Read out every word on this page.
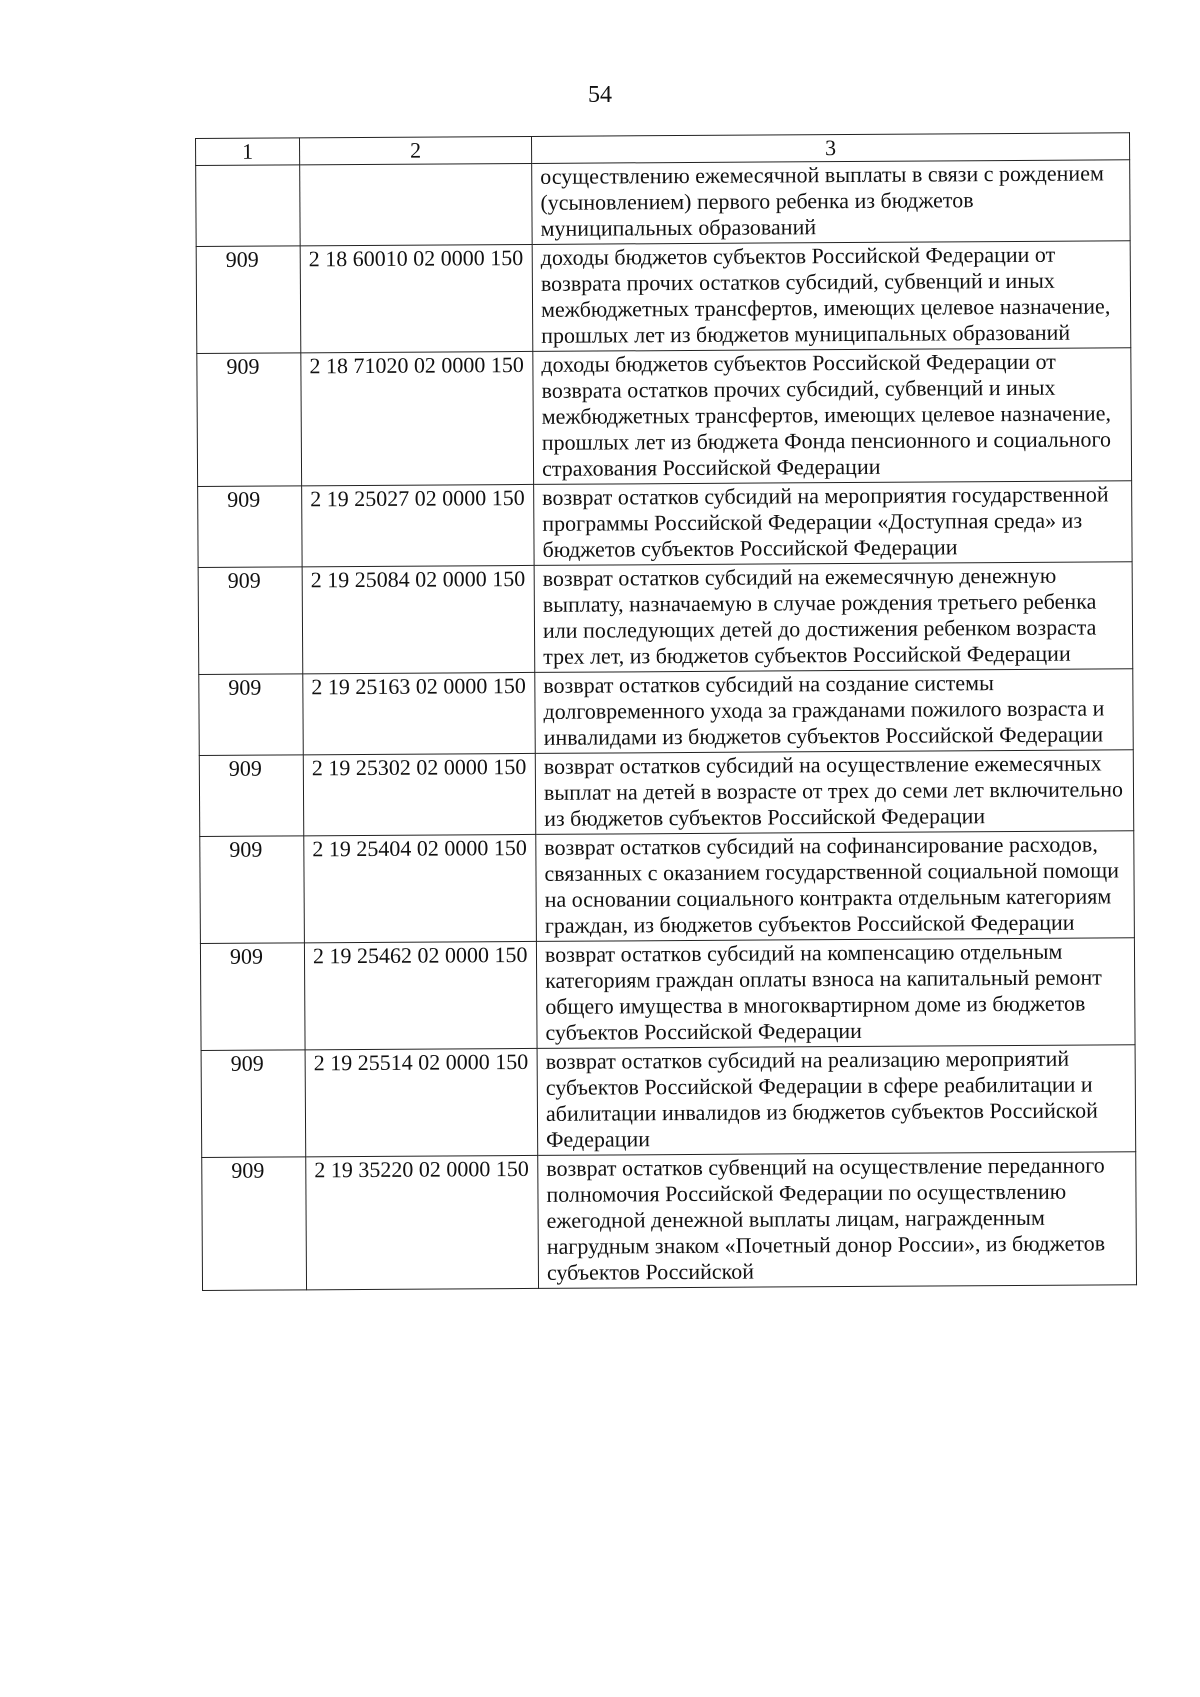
54
1	2	3
		осуществлению ежемесячной выплаты в связи с рождением (усыновлением) первого ребенка из бюджетов муниципальных образований
909	2 18 60010 02 0000 150	доходы бюджетов субъектов Российской Федерации от возврата прочих остатков субсидий, субвенций и иных межбюджетных трансфертов, имеющих целевое назначение, прошлых лет из бюджетов муниципальных образований
909	2 18 71020 02 0000 150	доходы бюджетов субъектов Российской Федерации от возврата остатков прочих субсидий, субвенций и иных межбюджетных трансфертов, имеющих целевое назначение, прошлых лет из бюджета Фонда пенсионного и социального страхования Российской Федерации
909	2 19 25027 02 0000 150	возврат остатков субсидий на мероприятия государственной программы Российской Федерации «Доступная среда» из бюджетов субъектов Российской Федерации
909	2 19 25084 02 0000 150	возврат остатков субсидий на ежемесячную денежную выплату, назначаемую в случае рождения третьего ребенка или последующих детей до достижения ребенком возраста трех лет, из бюджетов субъектов Российской Федерации
909	2 19 25163 02 0000 150	возврат остатков субсидий на создание системы долговременного ухода за гражданами пожилого возраста и инвалидами из бюджетов субъектов Российской Федерации
909	2 19 25302 02 0000 150	возврат остатков субсидий на осуществление ежемесячных выплат на детей в возрасте от трех до семи лет включительно из бюджетов субъектов Российской Федерации
909	2 19 25404 02 0000 150	возврат остатков субсидий на софинансирование расходов, связанных с оказанием государственной социальной помощи на основании социального контракта отдельным категориям граждан, из бюджетов субъектов Российской Федерации
909	2 19 25462 02 0000 150	возврат остатков субсидий на компенсацию отдельным категориям граждан оплаты взноса на капитальный ремонт общего имущества в многоквартирном доме из бюджетов субъектов Российской Федерации
909	2 19 25514 02 0000 150	возврат остатков субсидий на реализацию мероприятий субъектов Российской Федерации в сфере реабилитации и абилитации инвалидов из бюджетов субъектов Российской Федерации
909	2 19 35220 02 0000 150	возврат остатков субвенций на осуществление переданного полномочия Российской Федерации по осуществлению ежегодной денежной выплаты лицам, награжденным нагрудным знаком «Почетный донор России», из бюджетов субъектов Российской
